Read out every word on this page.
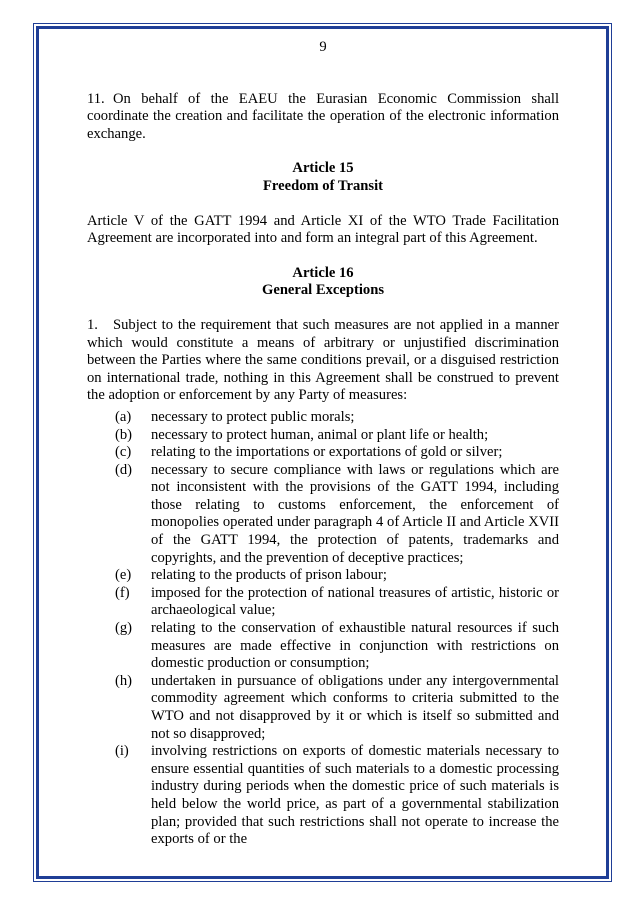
9

11. On behalf of the EAEU the Eurasian Economic Commission shall coordinate the creation and facilitate the operation of the electronic information exchange.

Article 15
Freedom of Transit

Article V of the GATT 1994 and Article XI of the WTO Trade Facilitation Agreement are incorporated into and form an integral part of this Agreement.

Article 16
General Exceptions

1. Subject to the requirement that such measures are not applied in a manner which would constitute a means of arbitrary or unjustified discrimination between the Parties where the same conditions prevail, or a disguised restriction on international trade, nothing in this Agreement shall be construed to prevent the adoption or enforcement by any Party of measures:

(a) necessary to protect public morals;
(b) necessary to protect human, animal or plant life or health;
(c) relating to the importations or exportations of gold or silver;
(d) necessary to secure compliance with laws or regulations which are not inconsistent with the provisions of the GATT 1994, including those relating to customs enforcement, the enforcement of monopolies operated under paragraph 4 of Article II and Article XVII of the GATT 1994, the protection of patents, trademarks and copyrights, and the prevention of deceptive practices;
(e) relating to the products of prison labour;
(f) imposed for the protection of national treasures of artistic, historic or archaeological value;
(g) relating to the conservation of exhaustible natural resources if such measures are made effective in conjunction with restrictions on domestic production or consumption;
(h) undertaken in pursuance of obligations under any intergovernmental commodity agreement which conforms to criteria submitted to the WTO and not disapproved by it or which is itself so submitted and not so disapproved;
(i) involving restrictions on exports of domestic materials necessary to ensure essential quantities of such materials to a domestic processing industry during periods when the domestic price of such materials is held below the world price, as part of a governmental stabilization plan; provided that such restrictions shall not operate to increase the exports of or the
